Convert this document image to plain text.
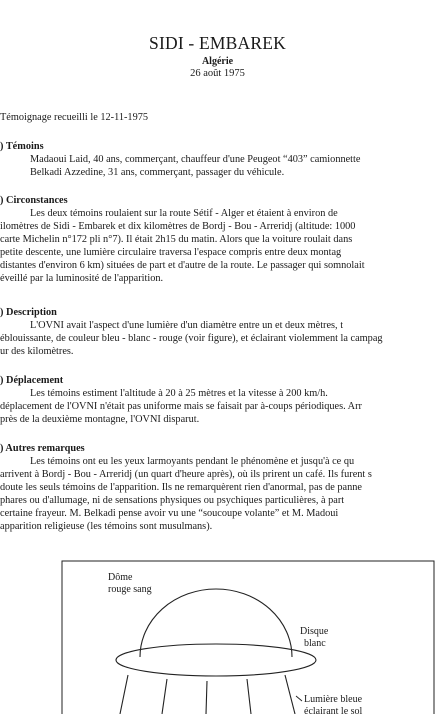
SIDI - EMBAREK
Algérie
26 août 1975
Témoignage recueilli le 12-11-1975
) Témoins
Madaoui Laid, 40 ans, commerçant, chauffeur d'une Peugeot “403” camionnette
Belkadi Azzedine, 31 ans, commerçant, passager du véhicule.
) Circonstances
Les deux témoins roulaient sur la route Sétif - Alger et étaient à environ de
ilomètres de Sidi - Embarek et dix kilomètres de Bordj - Bou - Arreridj (altitude: 1000
carte Michelin n°172 pli n°7). Il était 2h15 du matin. Alors que la voiture roulait dans
petite descente, une lumière circulaire traversa l'espace compris entre deux montag
distantes d'environ 6 km) situées de part et d'autre de la route. Le passager qui somnolait
éveillé par la luminosité de l'apparition.
) Description
L'OVNI avait l'aspect d'une lumière d'un diamètre entre un et deux mètres, t
éblouissante, de couleur bleu - blanc - rouge (voir figure), et éclairant violemment la campag
ur des kilomètres.
) Déplacement
Les témoins estiment l'altitude à 20 à 25 mètres et la vitesse à 200 km/h.
déplacement de l'OVNI n'était pas uniforme mais se faisait par à-coups périodiques. Arr
près de la deuxième montagne, l'OVNI disparut.
) Autres remarques
Les témoins ont eu les yeux larmoyants pendant le phénomène et jusqu'à ce qu
arrivent à Bordj - Bou - Arreridj (un quart d'heure après), où ils prirent un café. Ils furent s
doute les seuls témoins de l'apparition. Ils ne remarquèrent rien d'anormal, pas de panne
phares ou d'allumage, ni de sensations physiques ou psychiques particulières, à part
certaine frayeur. M. Belkadi pense avoir vu une “soucoupe volante” et M. Madoui
apparition religieuse (les témoins sont musulmans).
Dôme
rouge sang
Disque
blanc
Lumière bleue
éclairant le sol
